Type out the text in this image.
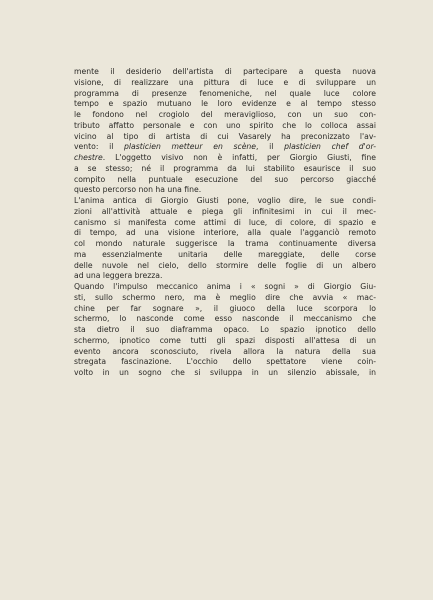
mente il desiderio dell'artista di partecipare a questa nuova
visione, di realizzare una pittura di luce e di sviluppare un
programma di presenze fenomeniche, nel quale luce colore
tempo e spazio mutuano le loro evidenze e al tempo stesso
le fondono nel crogiolo del meraviglioso, con un suo con-
tributo affatto personale e con uno spirito che lo colloca assai
vicino al tipo di artista di cui Vasarely ha preconizzato l'av-
vento: il plasticien metteur en scène, il plasticien chef d'or-
chestre. L'oggetto visivo non è infatti, per Giorgio Giusti, fine
a se stesso; né il programma da lui stabilito esaurisce il suo
compito nella puntuale esecuzione del suo percorso giacché
questo percorso non ha una fine.
L'anima antica di Giorgio Giusti pone, voglio dire, le sue condi-
zioni all'attività attuale e piega gli infinitesimi in cui il mec-
canismo si manifesta come attimi di luce, di colore, di spazio e
di tempo, ad una visione interiore, alla quale l'agganciò remoto
col mondo naturale suggerisce la trama continuamente diversa
ma essenzialmente unitaria delle mareggiate, delle corse
delle nuvole nel cielo, dello stormire delle foglie di un albero
ad una leggera brezza.
Quando l'impulso meccanico anima i « sogni » di Giorgio Giu-
sti, sullo schermo nero, ma è meglio dire che avvia « mac-
chine per far sognare », il giuoco della luce scorpora lo
schermo, lo nasconde come esso nasconde il meccanismo che
sta dietro il suo diaframma opaco. Lo spazio ipnotico dello
schermo, ipnotico come tutti gli spazi disposti all'attesa di un
evento ancora sconosciuto, rivela allora la natura della sua
stregata fascinazione. L'occhio dello spettatore viene coin-
volto in un sogno che si sviluppa in un silenzio abissale, in
